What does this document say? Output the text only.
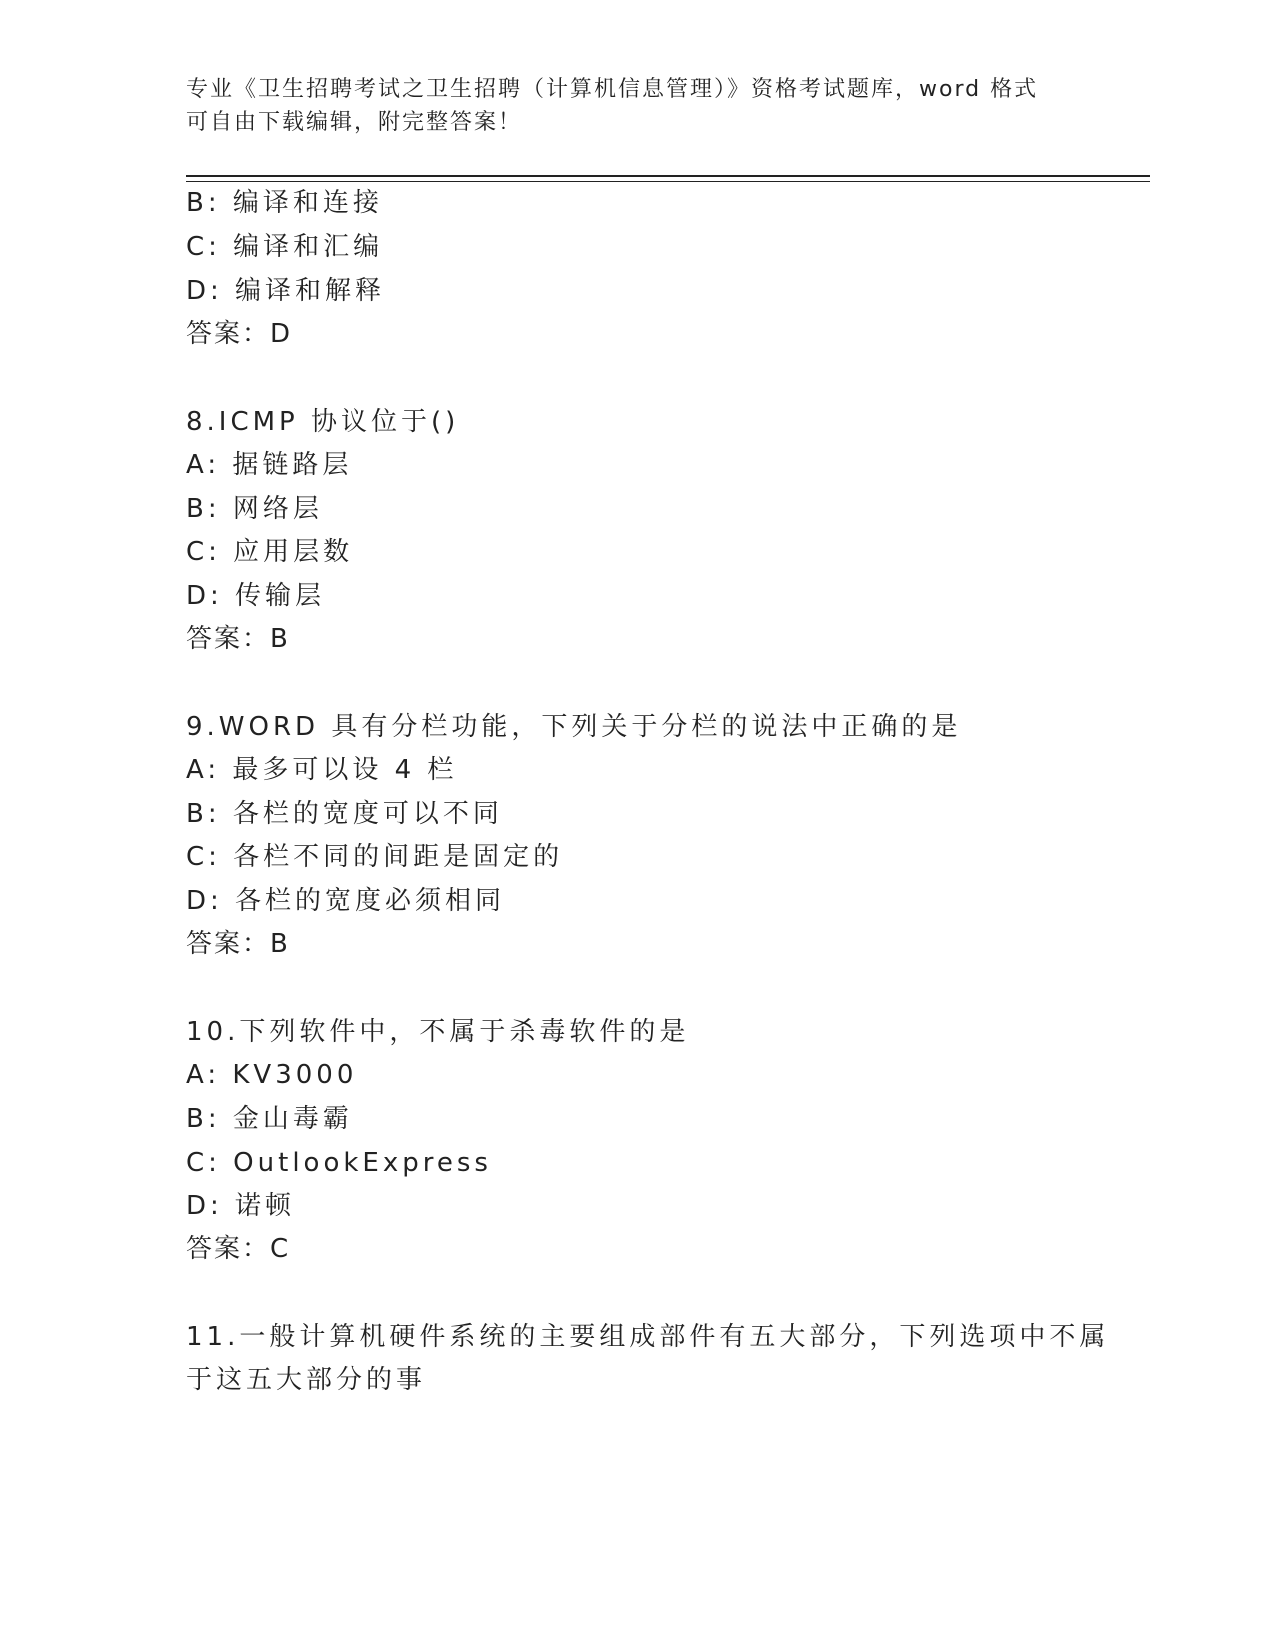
专业《卫生招聘考试之卫生招聘（计算机信息管理）》资格考试题库，word 格式
可自由下载编辑，附完整答案！
B: 编译和连接
C: 编译和汇编
D: 编译和解释
答案：D
8.ICMP 协议位于()
A: 据链路层
B: 网络层
C: 应用层数
D: 传输层
答案：B
9.WORD 具有分栏功能，下列关于分栏的说法中正确的是
A: 最多可以设 4 栏
B: 各栏的宽度可以不同
C: 各栏不同的间距是固定的
D: 各栏的宽度必须相同
答案：B
10.下列软件中，不属于杀毒软件的是
A: KV3000
B: 金山毒霸
C: OutlookExpress
D: 诺顿
答案：C
11.一般计算机硬件系统的主要组成部件有五大部分，下列选项中不属
于这五大部分的事
